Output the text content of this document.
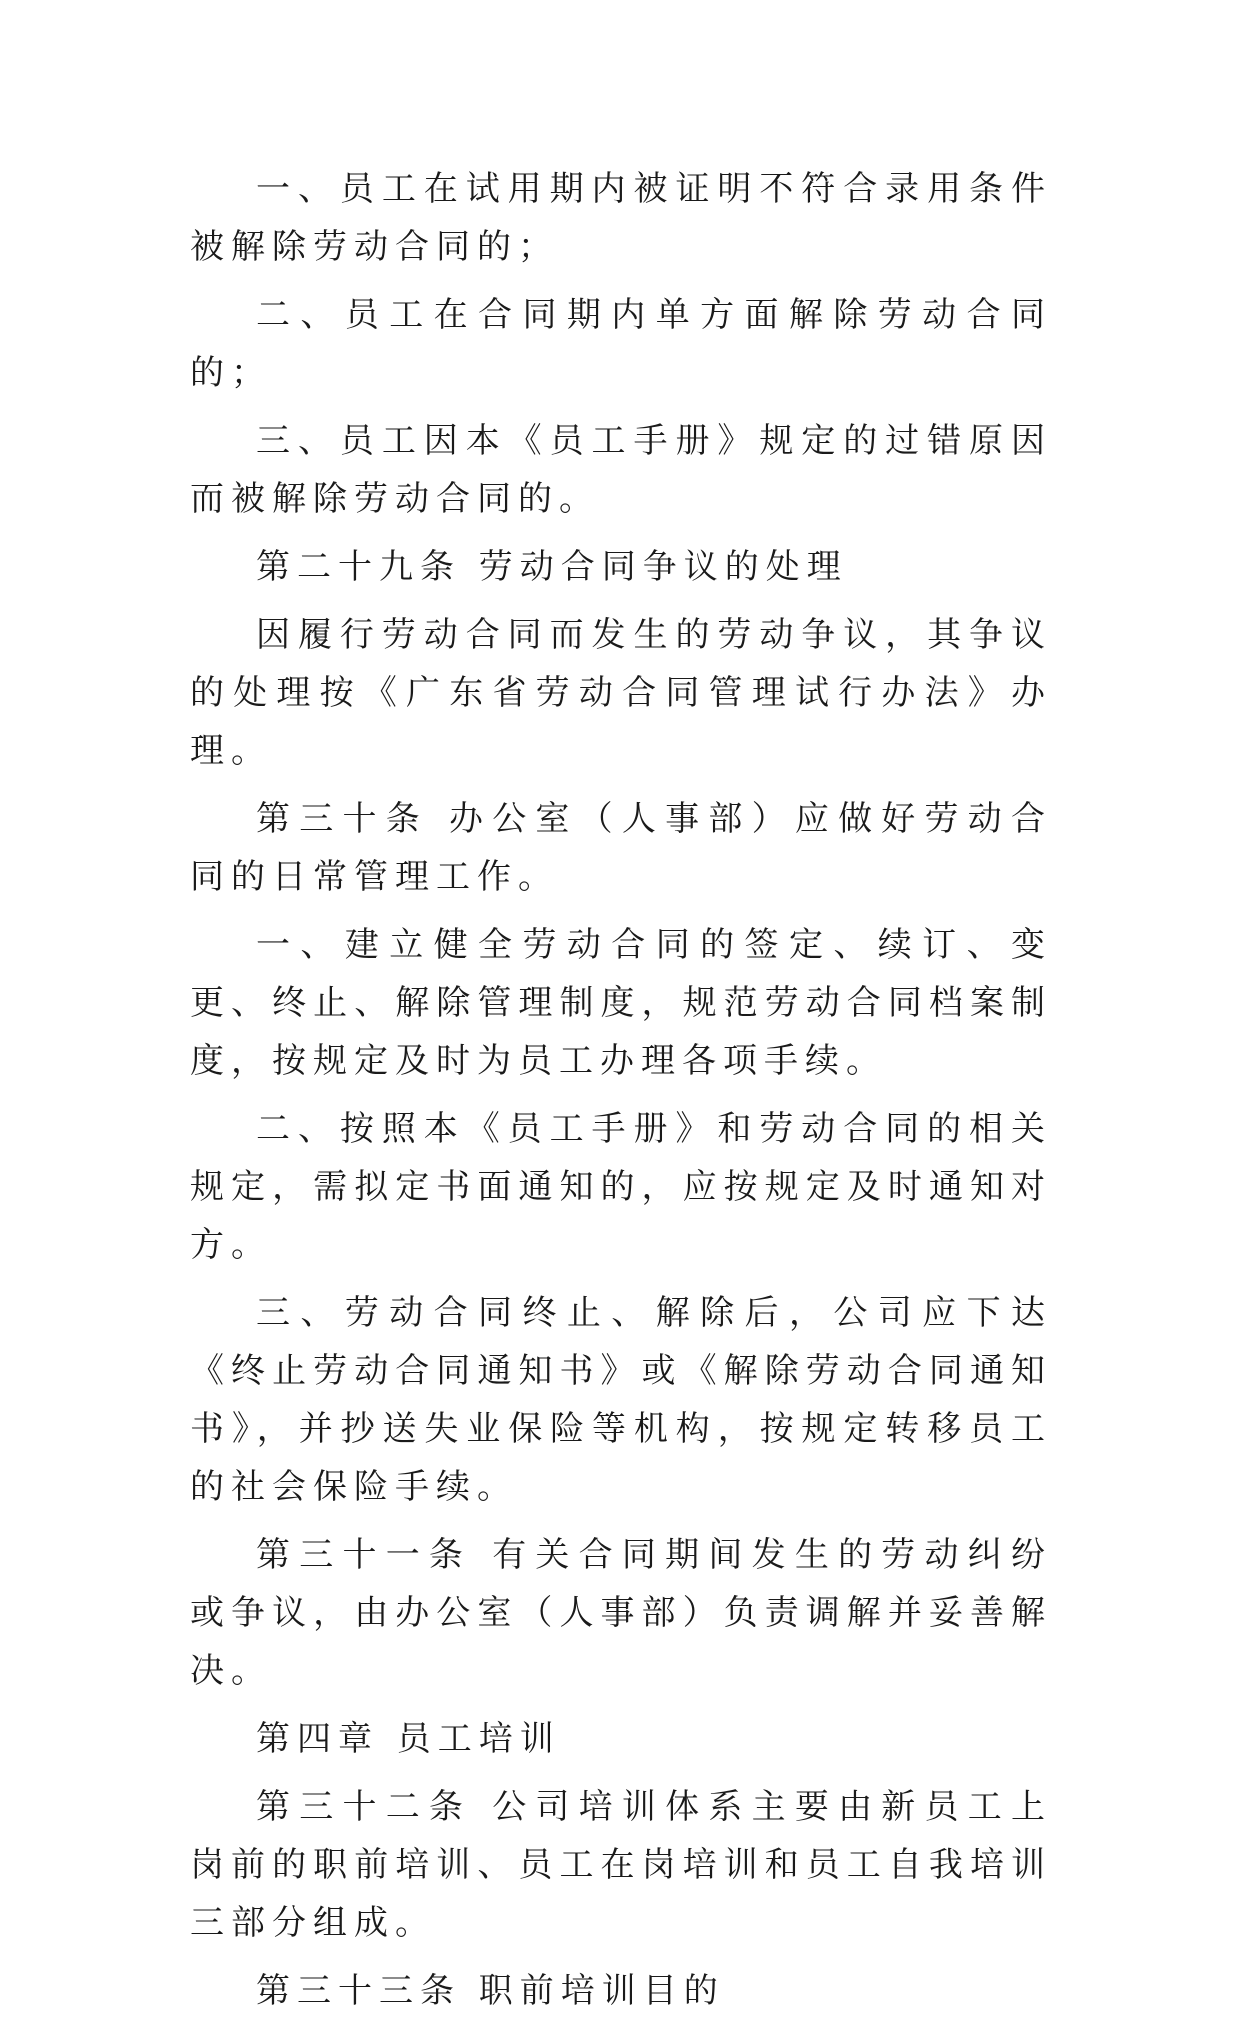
一、员工在试用期内被证明不符合录用条件被解除劳动合同的；

二、员工在合同期内单方面解除劳动合同的；

三、员工因本《员工手册》规定的过错原因而被解除劳动合同的。

第二十九条 劳动合同争议的处理

因履行劳动合同而发生的劳动争议，其争议的处理按《广东省劳动合同管理试行办法》办理。

第三十条 办公室（人事部）应做好劳动合同的日常管理工作。

一、建立健全劳动合同的签定、续订、变更、终止、解除管理制度，规范劳动合同档案制度，按规定及时为员工办理各项手续。

二、按照本《员工手册》和劳动合同的相关规定，需拟定书面通知的，应按规定及时通知对方。

三、劳动合同终止、解除后，公司应下达《终止劳动合同通知书》或《解除劳动合同通知书》，并抄送失业保险等机构，按规定转移员工的社会保险手续。

第三十一条 有关合同期间发生的劳动纠纷或争议，由办公室（人事部）负责调解并妥善解决。

第四章 员工培训

第三十二条 公司培训体系主要由新员工上岗前的职前培训、员工在岗培训和员工自我培训三部分组成。

第三十三条 职前培训目的
